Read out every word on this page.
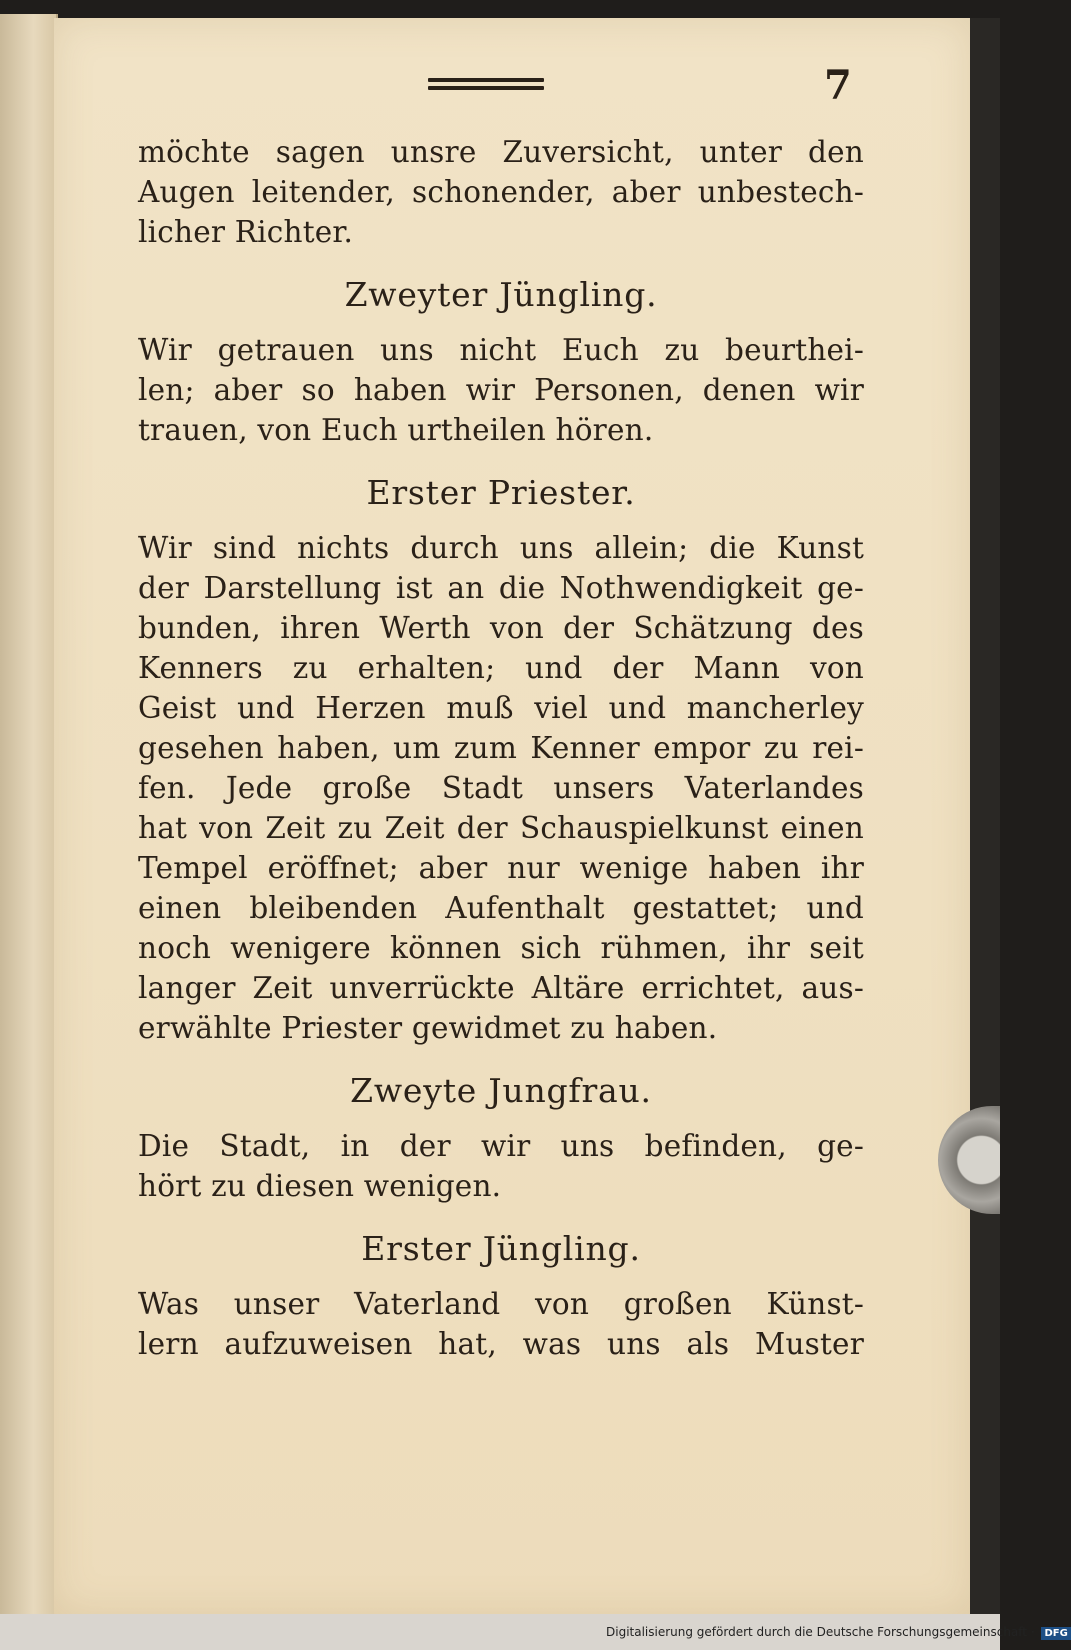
7
möchte sagen unsre Zuversicht, unter den
Augen leitender, schonender, aber unbestech-
licher Richter.
Zweyter Jüngling.
Wir getrauen uns nicht Euch zu beurthei-
len; aber so haben wir Personen, denen wir
trauen, von Euch urtheilen hören.
Erster Priester.
Wir sind nichts durch uns allein; die Kunst
der Darstellung ist an die Nothwendigkeit ge-
bunden, ihren Werth von der Schätzung des
Kenners zu erhalten; und der Mann von
Geist und Herzen muß viel und mancherley
gesehen haben, um zum Kenner empor zu rei-
fen. Jede große Stadt unsers Vaterlandes
hat von Zeit zu Zeit der Schauspielkunst einen
Tempel eröffnet; aber nur wenige haben ihr
einen bleibenden Aufenthalt gestattet; und
noch wenigere können sich rühmen, ihr seit
langer Zeit unverrückte Altäre errichtet, aus-
erwählte Priester gewidmet zu haben.
Zweyte Jungfrau.
Die Stadt, in der wir uns befinden, ge-
hört zu diesen wenigen.
Erster Jüngling.
Was unser Vaterland von großen Künst-
lern aufzuweisen hat, was uns als Muster
Digitalisierung gefördert durch die Deutsche Forschungsgemeinschaft · DFG
